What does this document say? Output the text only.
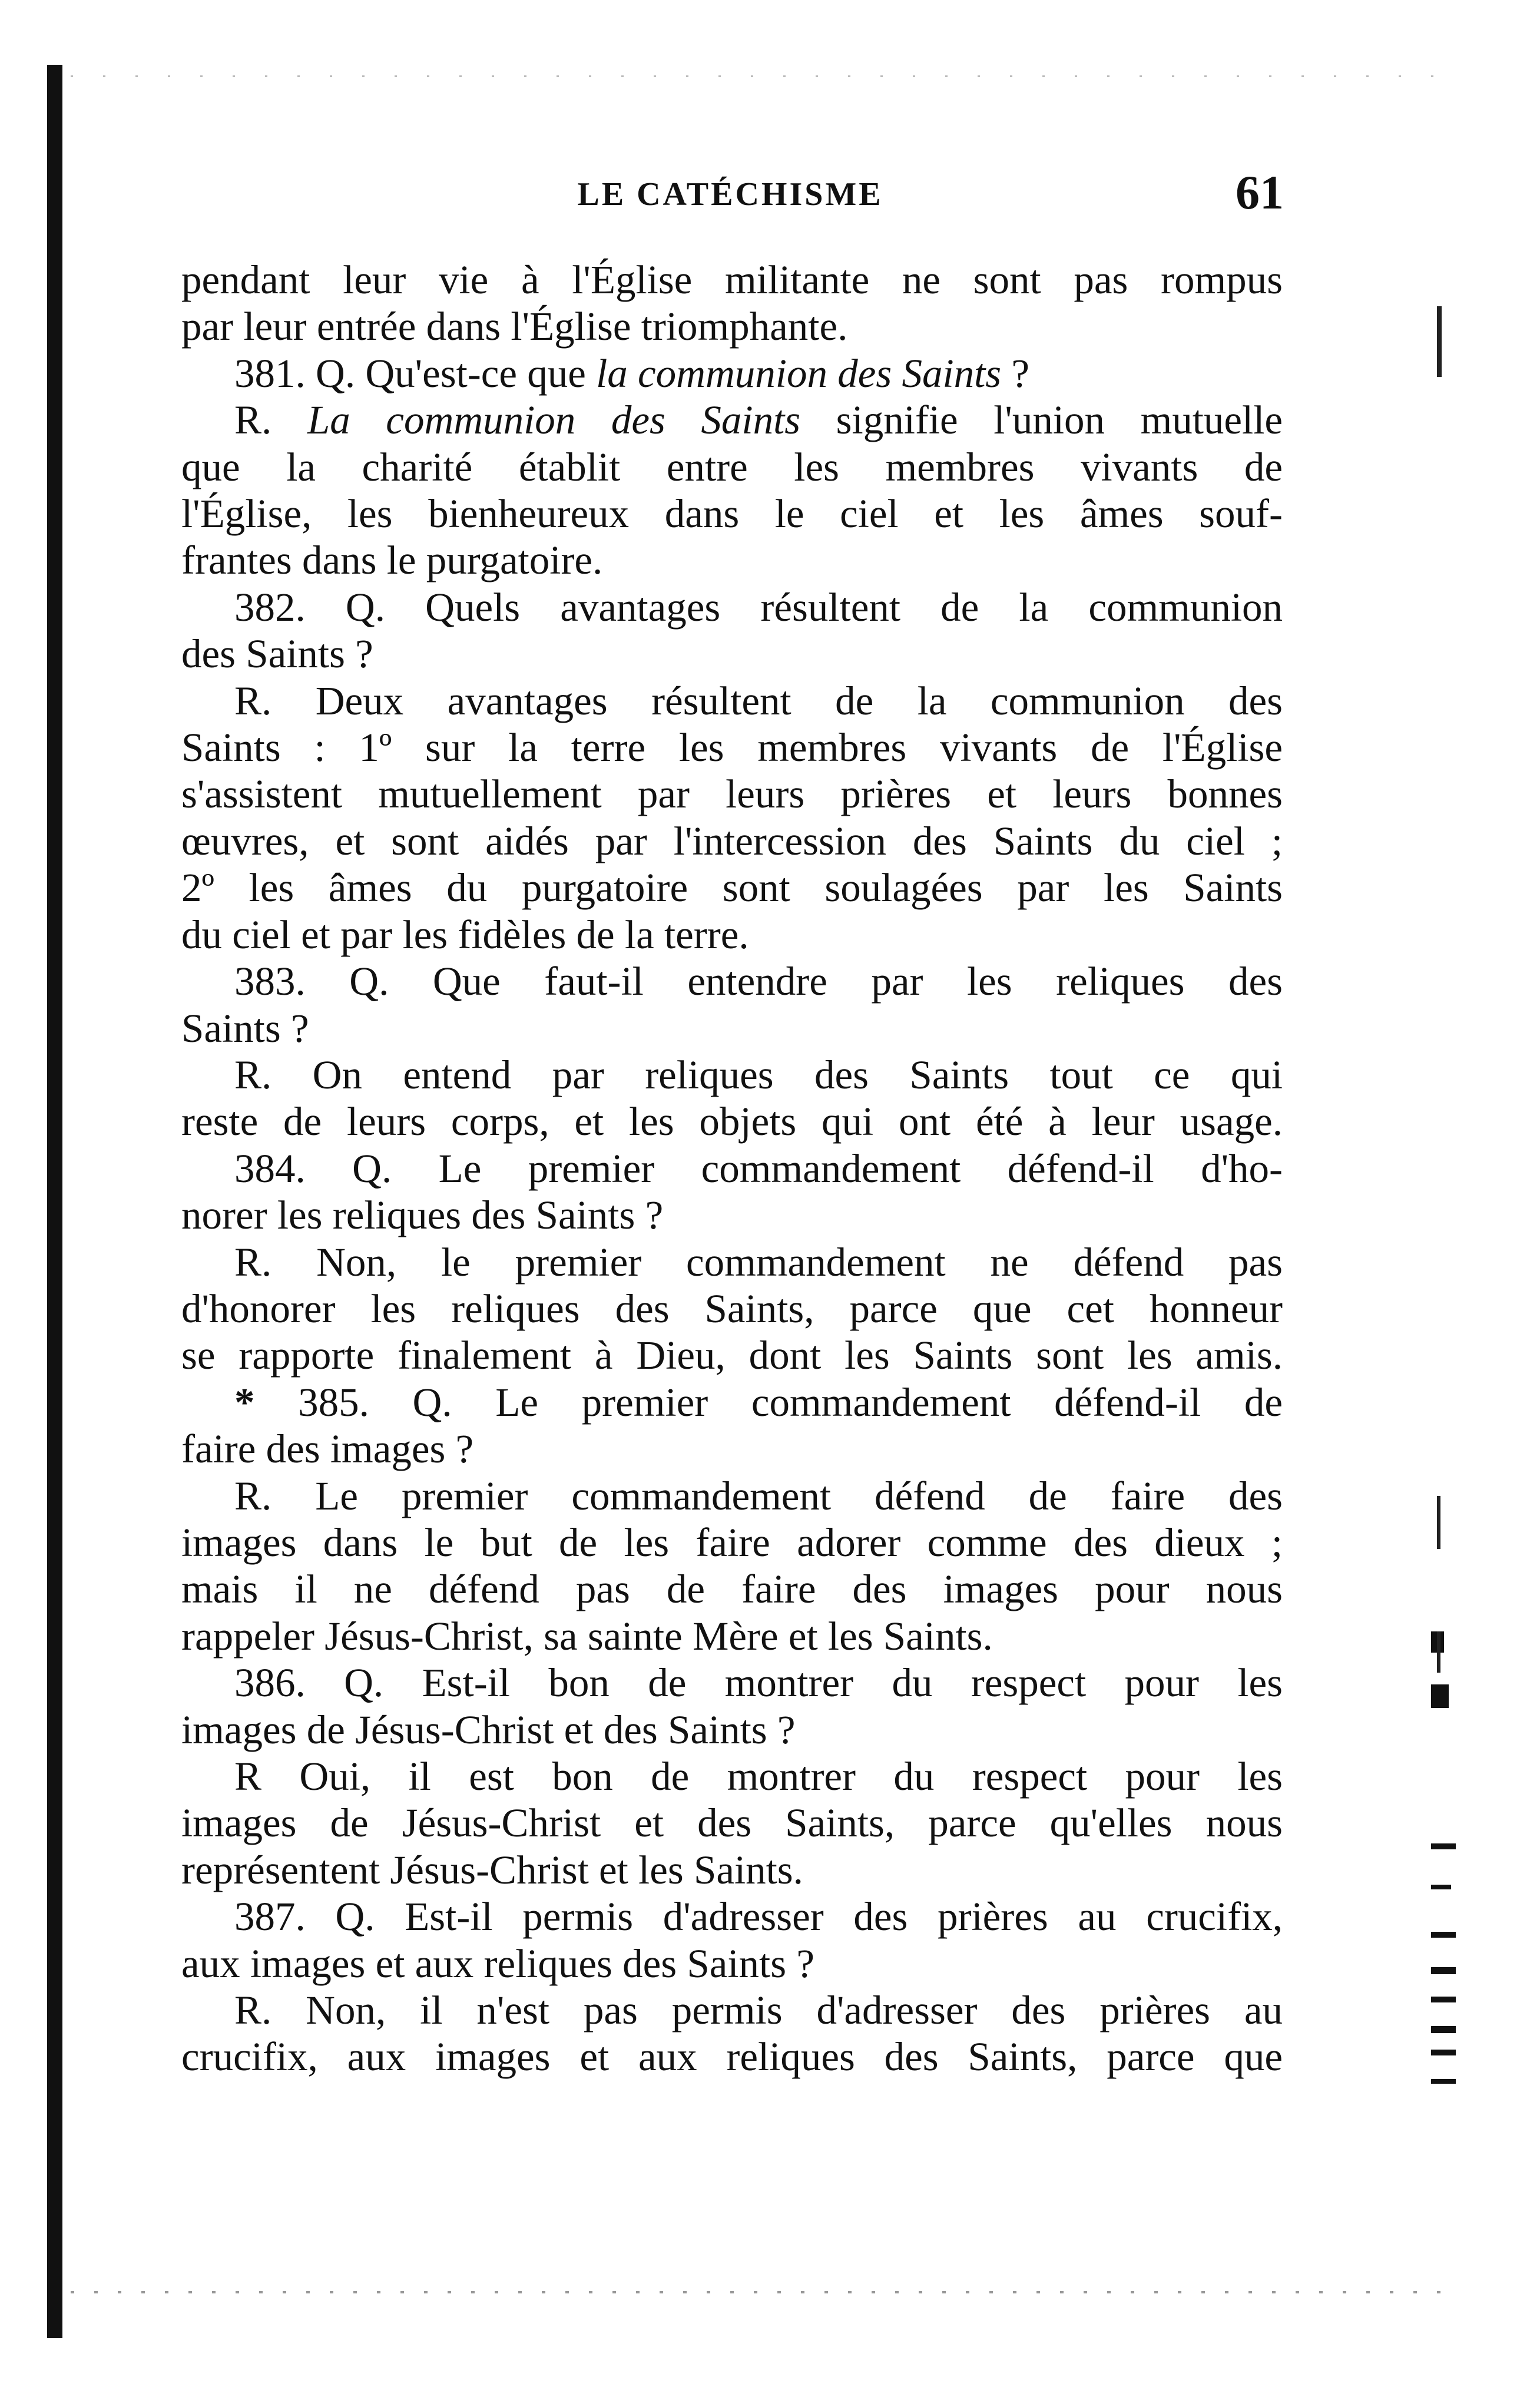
LE CATÉCHISME	61
pendant leur vie à l'Église militante ne sont pas rompus
par leur entrée dans l'Église triomphante.
381. Q. Qu'est-ce que la communion des Saints ?
R. La communion des Saints signifie l'union mutuelle
que la charité établit entre les membres vivants de
l'Église, les bienheureux dans le ciel et les âmes souf-
frantes dans le purgatoire.
382. Q. Quels avantages résultent de la communion
des Saints ?
R. Deux avantages résultent de la communion des
Saints : 1º sur la terre les membres vivants de l'Église
s'assistent mutuellement par leurs prières et leurs bonnes
œuvres, et sont aidés par l'intercession des Saints du ciel ;
2º les âmes du purgatoire sont soulagées par les Saints
du ciel et par les fidèles de la terre.
383. Q. Que faut-il entendre par les reliques des
Saints ?
R. On entend par reliques des Saints tout ce qui
reste de leurs corps, et les objets qui ont été à leur usage.
384. Q. Le premier commandement défend-il d'ho-
norer les reliques des Saints ?
R. Non, le premier commandement ne défend pas
d'honorer les reliques des Saints, parce que cet honneur
se rapporte finalement à Dieu, dont les Saints sont les amis.
* 385. Q. Le premier commandement défend-il de
faire des images ?
R. Le premier commandement défend de faire des
images dans le but de les faire adorer comme des dieux ;
mais il ne défend pas de faire des images pour nous
rappeler Jésus-Christ, sa sainte Mère et les Saints.
386. Q. Est-il bon de montrer du respect pour les
images de Jésus-Christ et des Saints ?
R Oui, il est bon de montrer du respect pour les
images de Jésus-Christ et des Saints, parce qu'elles nous
représentent Jésus-Christ et les Saints.
387. Q. Est-il permis d'adresser des prières au crucifix,
aux images et aux reliques des Saints ?
R. Non, il n'est pas permis d'adresser des prières au
crucifix, aux images et aux reliques des Saints, parce que
